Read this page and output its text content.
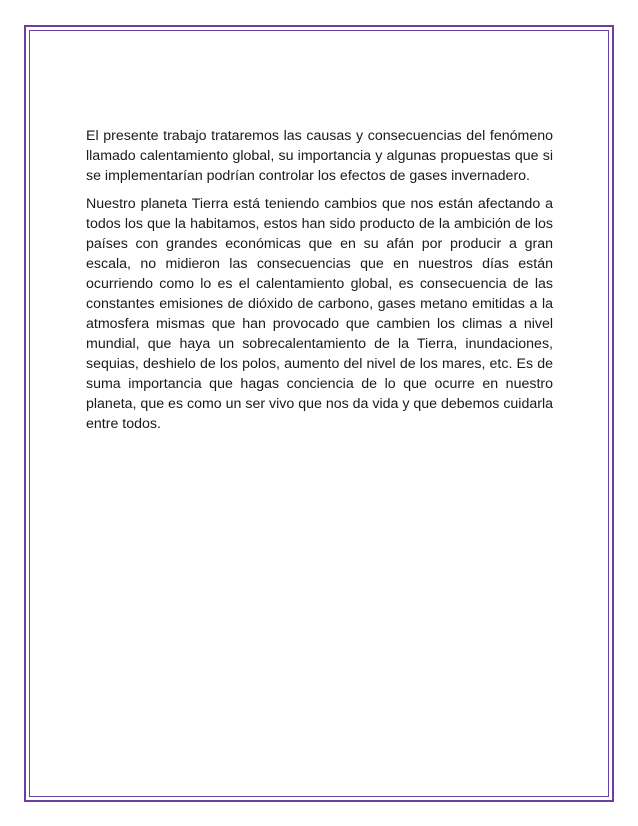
El presente trabajo trataremos las causas y consecuencias del fenómeno llamado calentamiento global, su importancia y algunas propuestas que si se implementarían podrían controlar los efectos de gases invernadero.

Nuestro planeta Tierra está teniendo cambios que nos están afectando a todos los que la habitamos, estos han sido producto de la ambición de los países con grandes económicas que en su afán por producir a gran escala, no midieron las consecuencias que en nuestros días están ocurriendo como lo es el calentamiento global, es consecuencia de las constantes emisiones de dióxido de carbono, gases metano emitidas a la atmosfera mismas que han provocado que cambien los climas a nivel mundial, que haya un sobrecalentamiento de la Tierra, inundaciones, sequias, deshielo de los polos, aumento del nivel de los mares, etc. Es de suma importancia que hagas conciencia de lo que ocurre en nuestro planeta, que es como un ser vivo que nos da vida y que debemos cuidarla entre todos.
